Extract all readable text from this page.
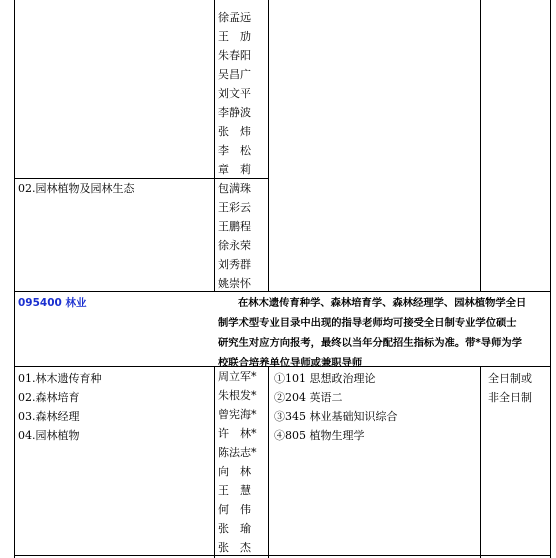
徐孟远
王　劢
朱春阳
吴昌广
刘文平
李静波
张　炜
李　松
章　莉
02.园林植物及园林生态	包满珠
王彩云
王鹏程
徐永荣
刘秀群
姚崇怀
095400 林业	在林木遗传育种学、森林培育学、森林经理学、园林植物学全日

制学术型专业目录中出现的指导老师均可接受全日制专业学位硕士

研究生对应方向报考，最终以当年分配招生指标为准。带*导师为学

校联合培养单位导师或兼职导师

01.林木遗传育种
02.森林培育
03.森林经理
04.园林植物
周立军*
朱根发*
曾宪海*
许　林*
陈法志*
向　林
王　慧
何　伟
张　瑜
张　杰
①101 思想政治理论
②204 英语二
③345 林业基础知识综合
④805 植物生理学
全日制或
非全日制
